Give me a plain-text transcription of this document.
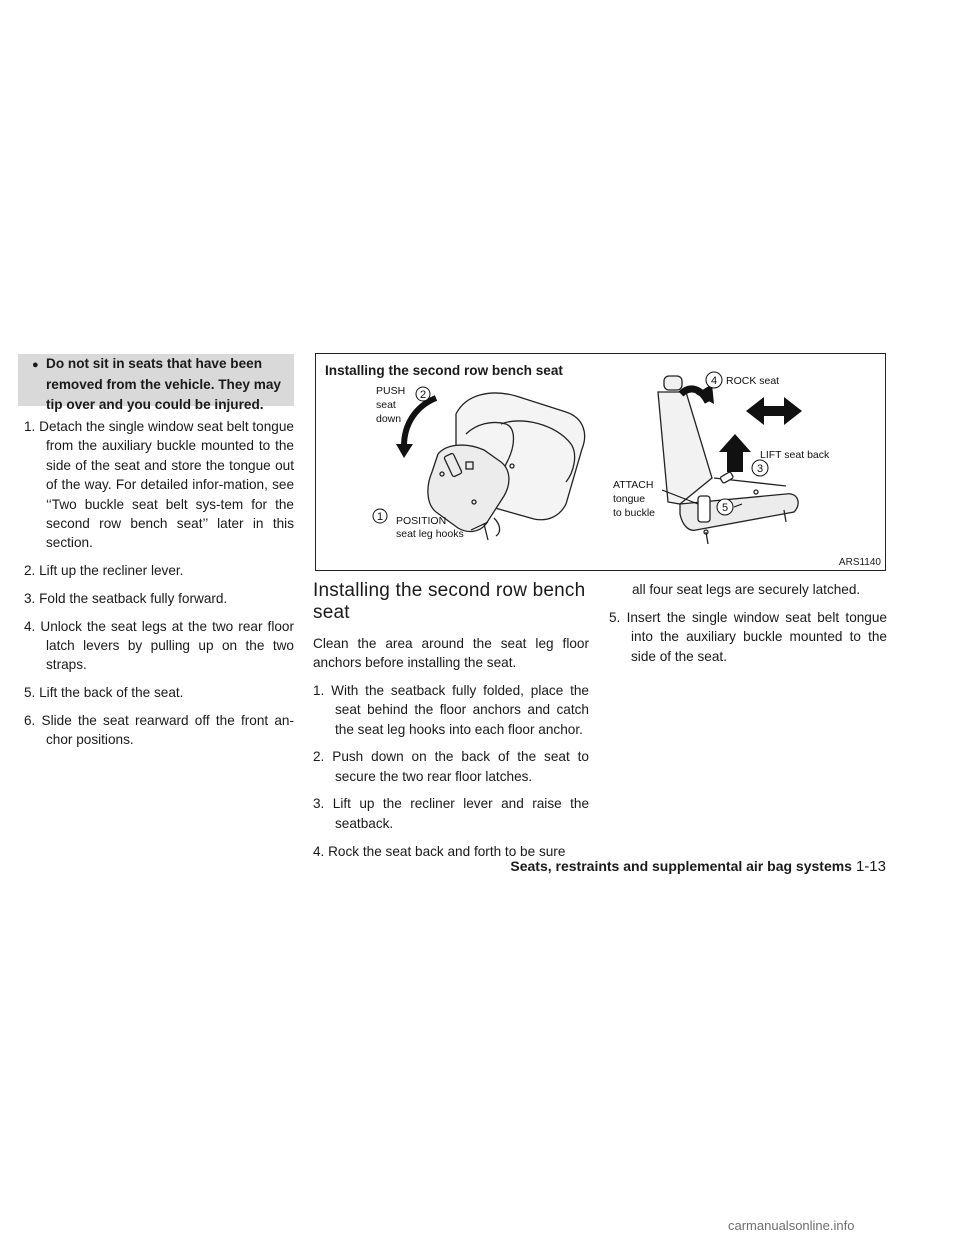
● Do not sit in seats that have been
removed from the vehicle. They may
tip over and you could be injured.
1. Detach the single window seat belt tongue from the auxiliary buckle mounted to the side of the seat and store the tongue out of the way. For detailed infor-mation, see ‘‘Two buckle seat belt sys-tem for the second row bench seat’’ later in this section.
2. Lift up the recliner lever.
3. Fold the seatback fully forward.
4. Unlock the seat legs at the two rear floor latch levers by pulling up on the two straps.
5. Lift the back of the seat.
6. Slide the seat rearward off the front an-chor positions.
1
2
3
4
5
PUSH
seat
down
POSITION
seat leg hooks
ATTACH
tongue
to buckle
ROCK seat
LIFT seat back
Installing the second row bench seat
ARS1140
Installing the second row bench
seat

Clean the area around the seat leg floor anchors before installing the seat.

1. With the seatback fully folded, place the seat behind the floor anchors and catch the seat leg hooks into each floor anchor.
2. Push down on the back of the seat to secure the two rear floor latches.
3. Lift up the recliner lever and raise the seatback.
4. Rock the seat back and forth to be sure

all four seat legs are securely latched.

5. Insert the single window seat belt tongue into the auxiliary buckle mounted to the side of the seat.
Seats, restraints and supplemental air bag systems 1-13
carmanualsonline.info
